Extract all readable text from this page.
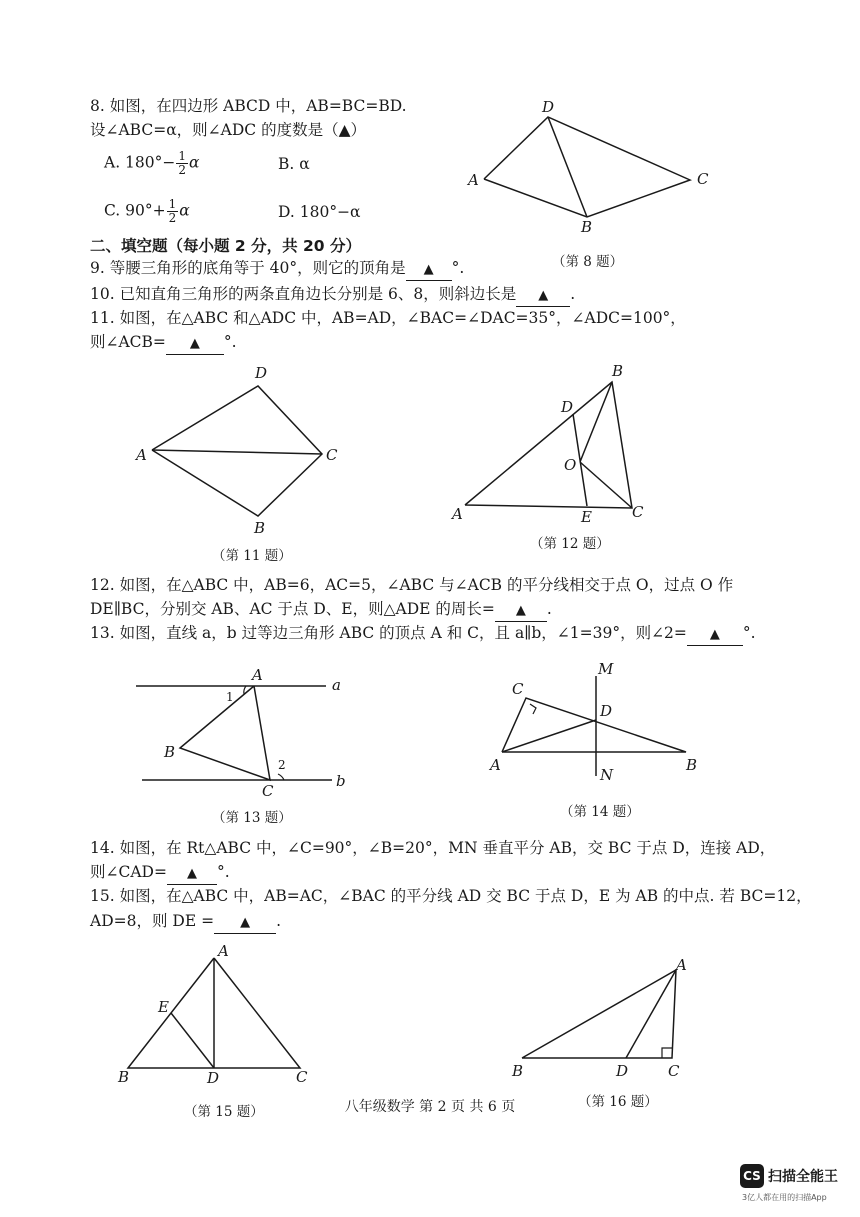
8. 如图，在四边形 ABCD 中，AB=BC=BD.
设∠ABC=α，则∠ADC 的度数是（▲）
A. $180^\circ- \frac{1}{2}$ α	B. α
C. $90^\circ+ \frac{1}{2}$ α	D. 180°−α
D
A	C
B
（第 8 题）
二、填空题（每小题 2 分，共 20 分）
9. 等腰三角形的底角等于 40°，则它的顶角是 ▲ °.
10. 已知直角三角形的两条直角边长分别是 6、8，则斜边长是 ▲ .
11. 如图，在△ABC 和△ADC 中，AB=AD，∠BAC=∠DAC=35°，∠ADC=100°，
则∠ACB= ▲ °.
D
A	C
B
（第 11 题）
B
D
O
A	E	C
（第 12 题）
12. 如图，在△ABC 中，AB=6，AC=5，∠ABC 与∠ACB 的平分线相交于点 O，过点 O 作
DE∥BC，分别交 AB、AC 于点 D、E，则△ADE 的周长= ▲ .
13. 如图，直线 a，b 过等边三角形 ABC 的顶点 A 和 C，且 a∥b，∠1=39°，则∠2= ▲ °.
A
a
1
B
2
C
b
（第 13 题）
M
C
D
A	B
N
（第 14 题）
14. 如图，在 Rt△ABC 中，∠C=90°，∠B=20°，MN 垂直平分 AB，交 BC 于点 D，连接 AD，
则∠CAD= ▲ °.
15. 如图，在△ABC 中，AB=AC，∠BAC 的平分线 AD 交 BC 于点 D，E 为 AB 的中点. 若 BC=12，
AD=8，则 DE = ▲ .
A
E
B	D	C
（第 15 题）
A
B	D	C
（第 16 题）
八年级数学 第 2 页 共 6 页
CS 扫描全能王
3亿人都在用的扫描App
